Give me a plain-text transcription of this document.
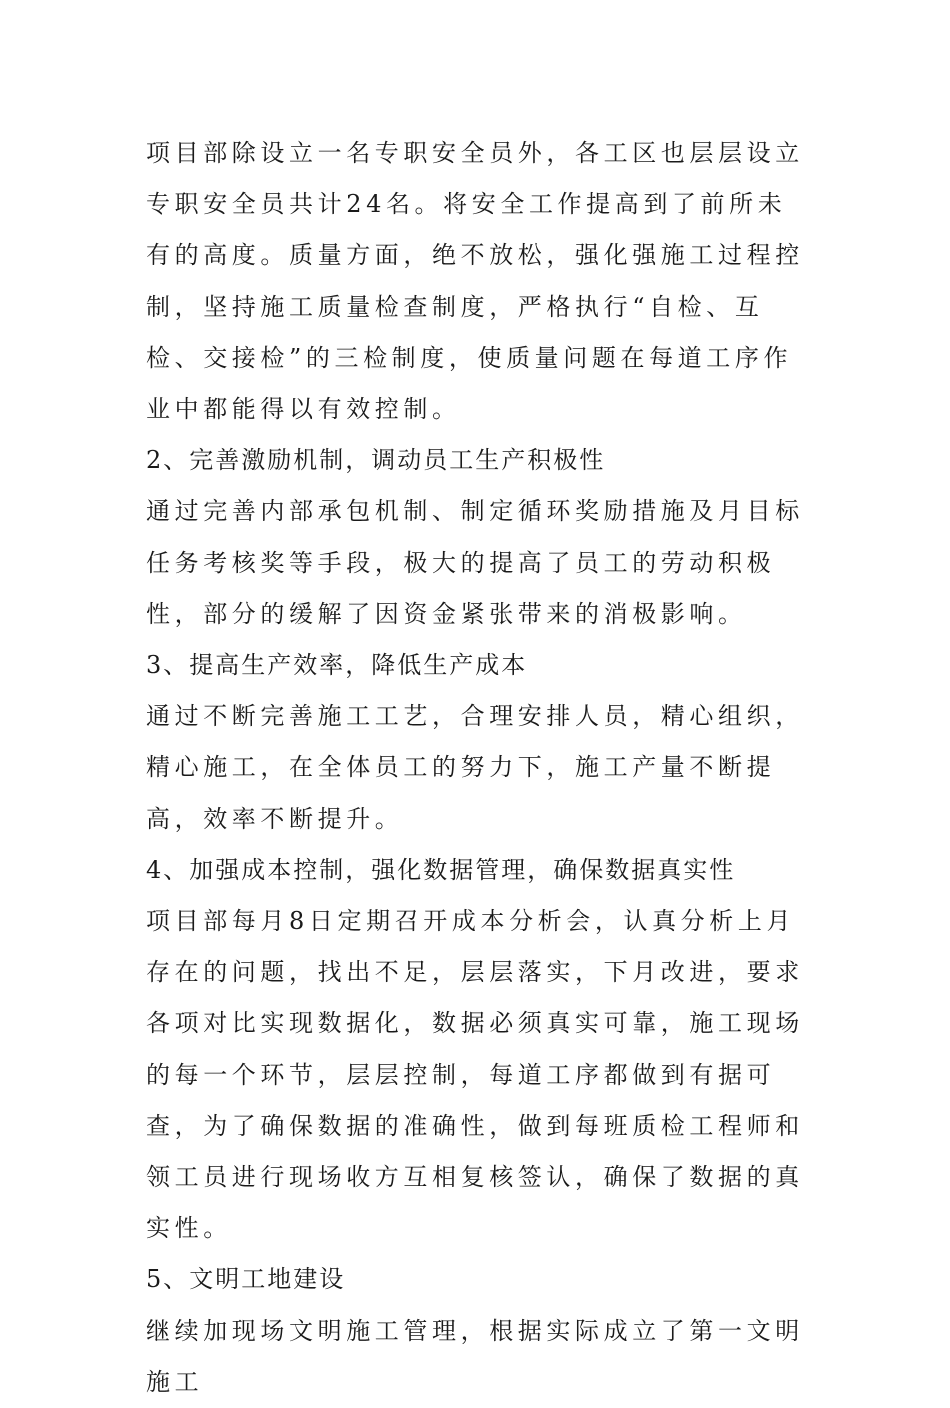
项目部除设立一名专职安全员外，各工区也层层设立专职安全员共计24名。将安全工作提高到了前所未有的高度。质量方面，绝不放松，强化强施工过程控制，坚持施工质量检查制度，严格执行“自检、互检、交接检”的三检制度，使质量问题在每道工序作业中都能得以有效控制。

2、完善激励机制，调动员工生产积极性

通过完善内部承包机制、制定循环奖励措施及月目标任务考核奖等手段，极大的提高了员工的劳动积极性，部分的缓解了因资金紧张带来的消极影响。

3、提高生产效率，降低生产成本

通过不断完善施工工艺，合理安排人员，精心组织，精心施工，在全体员工的努力下，施工产量不断提高，效率不断提升。

4、加强成本控制，强化数据管理，确保数据真实性

项目部每月8日定期召开成本分析会，认真分析上月存在的问题，找出不足，层层落实，下月改进，要求各项对比实现数据化，数据必须真实可靠，施工现场的每一个环节，层层控制，每道工序都做到有据可查，为了确保数据的准确性，做到每班质检工程师和领工员进行现场收方互相复核签认，确保了数据的真实性。

5、文明工地建设

继续加现场文明施工管理，根据实际成立了第一文明施工
